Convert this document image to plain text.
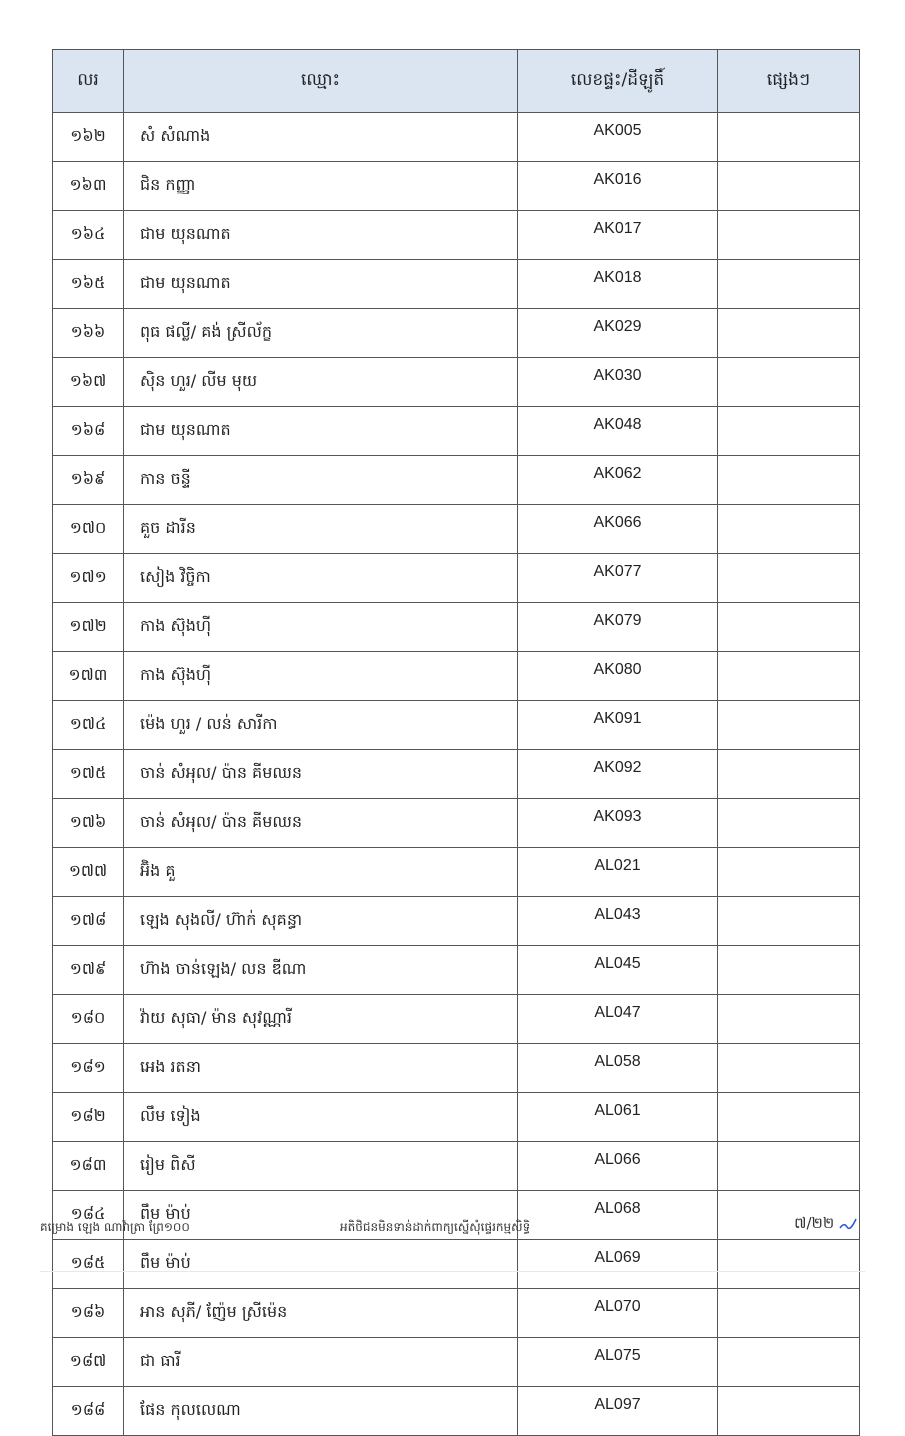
លរ	ឈ្មោះ	លេខផ្ទះ/ដីឡូតិ៍	ផ្សេងៗ
១៦២	សំ សំណាង	AK005	
១៦៣	ជិន កញ្ញា	AK016	
១៦៤	ជាម យុនណាត	AK017	
១៦៥	ជាម យុនណាត	AK018	
១៦៦	ពុធ ផល្លី/ គង់ ស្រីល័ក្ខ	AK029	
១៦៧	ស៊ិន ហួរ/ លីម មុយ	AK030	
១៦៨	ជាម យុនណាត	AK048	
១៦៩	កាន ចន្ទី	AK062	
១៧០	គួច ដារីន	AK066	
១៧១	សៀង វិច្ចិកា	AK077	
១៧២	កាង ស៊ុងហ៊ី	AK079	
១៧៣	កាង ស៊ុងហ៊ី	AK080	
១៧៤	ម៉េង ហួរ / លន់ សារីកា	AK091	
១៧៥	ចាន់ សំអុល/ ប៉ាន គីមឈន	AK092	
១៧៦	ចាន់ សំអុល/ ប៉ាន គីមឈន	AK093	
១៧៧	អ៊ិង គួ	AL021	
១៧៨	ឡេង សុងលី/ ហ៊ាក់ សុគន្ធា	AL043	
១៧៩	ហ៊ាង ចាន់ឡេង/ លន ឌីណា	AL045	
១៨០	វ៉ាយ សុធា/ ម៉ាន សុវណ្ណារី	AL047	
១៨១	អេង រតនា	AL058	
១៨២	លឹម ទៀង	AL061	
១៨៣	រៀម ពិសី	AL066	
១៨៤	ពឹម ម៉ាប់	AL068	
១៨៥	ពឹម ម៉ាប់	AL069	
១៨៦	អាន សុភី/ ញ៉ែម ស្រីម៉េន	AL070	
១៨៧	ជា ធារី	AL075	
១៨៨	ផែន កុលលេណា	AL097	
គម្រោង ឡេង ណាវ៉ាត្រា ព្រែ១០០	អតិថិជនមិនទាន់ដាក់ពាក្យស្នើសុំផ្ទេរកម្មសិទ្ធិ	៧/២២
